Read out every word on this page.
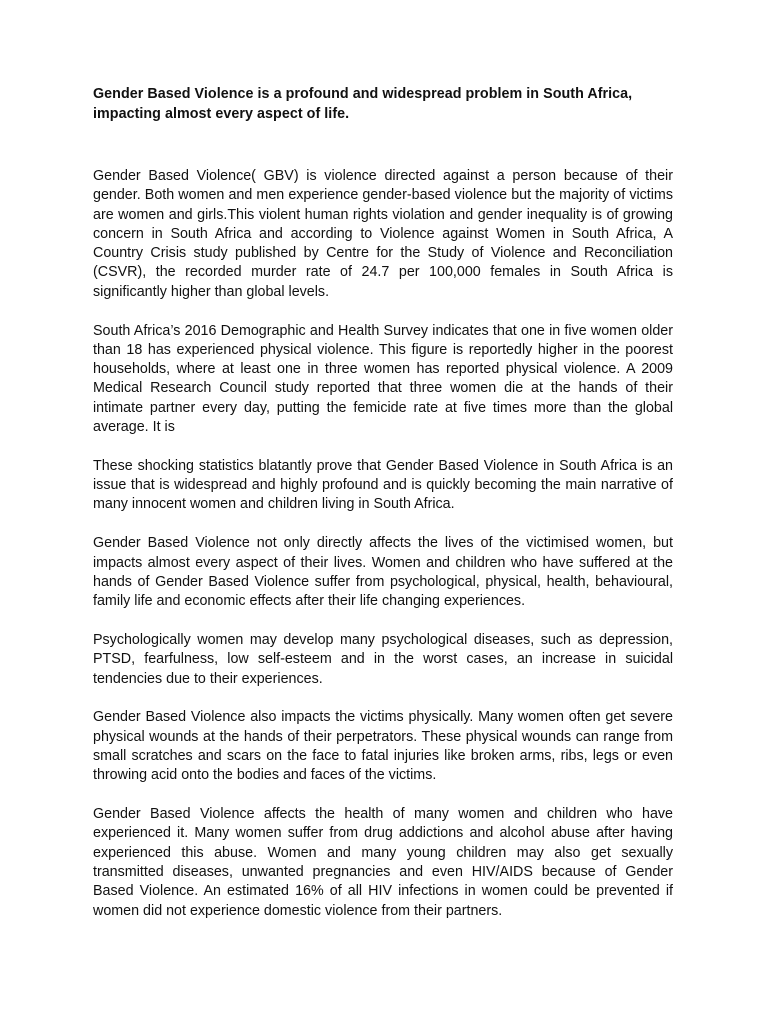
Gender Based Violence is a profound and widespread problem in South Africa, impacting almost every aspect of life.

Gender Based Violence( GBV) is violence directed against a person because of their gender. Both women and men experience gender-based violence but the majority of victims are women and girls.This violent human rights violation and gender inequality is of growing concern in South Africa and according to Violence against Women in South Africa, A Country Crisis study published by Centre for the Study of Violence and Reconciliation (CSVR), the recorded murder rate of 24.7 per 100,000 females in South Africa is significantly higher than global levels.

South Africa’s 2016 Demographic and Health Survey indicates that one in five women older than 18 has experienced physical violence. This figure is reportedly higher in the poorest households, where at least one in three women has reported physical violence. A 2009 Medical Research Council study reported that three women die at the hands of their intimate partner every day, putting the femicide rate at five times more than the global average. It is

These shocking statistics blatantly prove that Gender Based Violence in South Africa is an issue that is widespread and highly profound and is quickly becoming the main narrative of many innocent women and children living in South Africa.

Gender Based Violence not only directly affects the lives of the victimised women, but impacts almost every aspect of their lives. Women and children who have suffered at the hands of Gender Based Violence suffer from psychological, physical, health, behavioural, family life and economic effects after their life changing experiences.

Psychologically women may develop many psychological diseases, such as depression, PTSD, fearfulness, low self-esteem and in the worst cases, an increase in suicidal tendencies due to their experiences.

Gender Based Violence also impacts the victims physically. Many women often get severe physical wounds at the hands of their perpetrators. These physical wounds can range from small scratches and scars on the face to fatal injuries like broken arms, ribs, legs or even throwing acid onto the bodies and faces of the victims.

Gender Based Violence affects the health of many women and children who have experienced it. Many women suffer from drug addictions and alcohol abuse after having experienced this abuse. Women and many young children may also get sexually transmitted diseases, unwanted pregnancies and even HIV/AIDS because of Gender Based Violence. An estimated 16% of all HIV infections in women could be prevented if women did not experience domestic violence from their partners.
